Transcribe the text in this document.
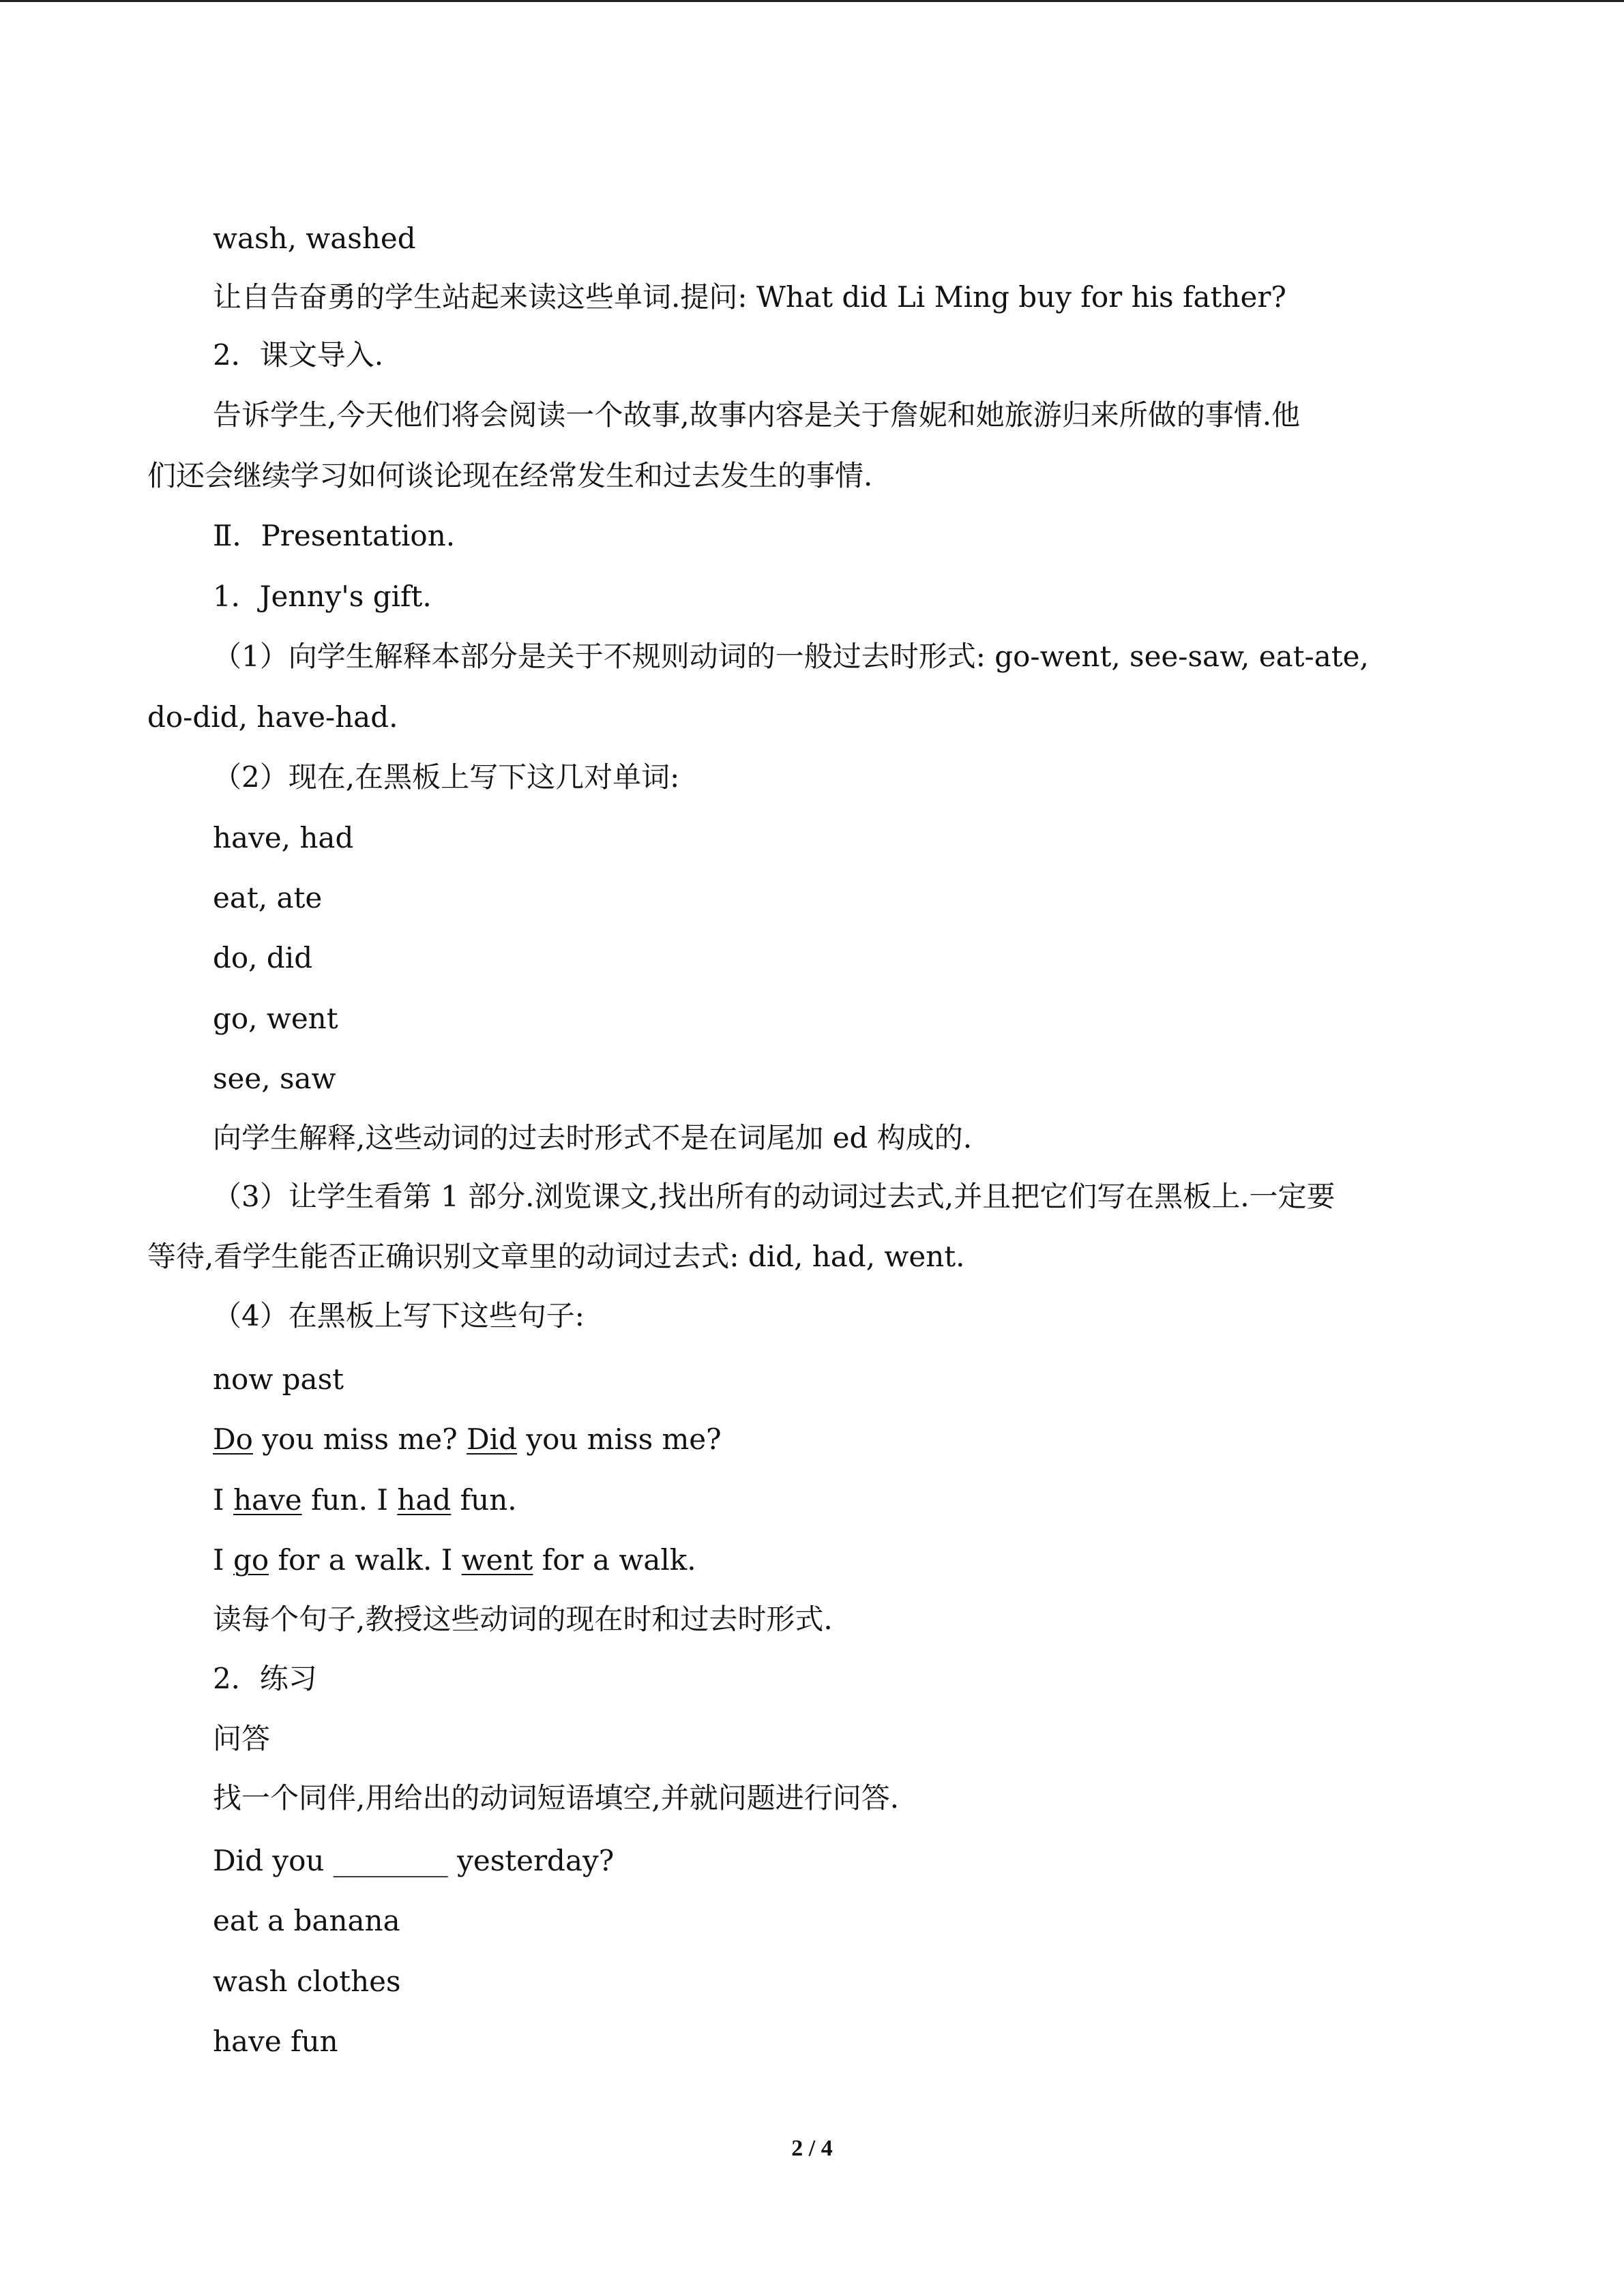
wash, washed

让自告奋勇的学生站起来读这些单词.提问: What did Li Ming buy for his father?

2．课文导入.

告诉学生,今天他们将会阅读一个故事,故事内容是关于詹妮和她旅游归来所做的事情.他

们还会继续学习如何谈论现在经常发生和过去发生的事情.

Ⅱ．Presentation.

1．Jenny's gift.

（1）向学生解释本部分是关于不规则动词的一般过去时形式: go-went, see-saw, eat-ate,

do-did, have-had.

（2）现在,在黑板上写下这几对单词:

have, had

eat, ate

do, did

go, went

see, saw

向学生解释,这些动词的过去时形式不是在词尾加 ed 构成的.

（3）让学生看第 1 部分.浏览课文,找出所有的动词过去式,并且把它们写在黑板上.一定要

等待,看学生能否正确识别文章里的动词过去式: did, had, went.

（4）在黑板上写下这些句子:

now past

Do you miss me? Did you miss me?

I have fun. I had fun.

I go for a walk. I went for a walk.

读每个句子,教授这些动词的现在时和过去时形式.

2．练习

问答

找一个同伴,用给出的动词短语填空,并就问题进行问答.

Did you ________ yesterday?

eat a banana

wash clothes

have fun

2 / 4
